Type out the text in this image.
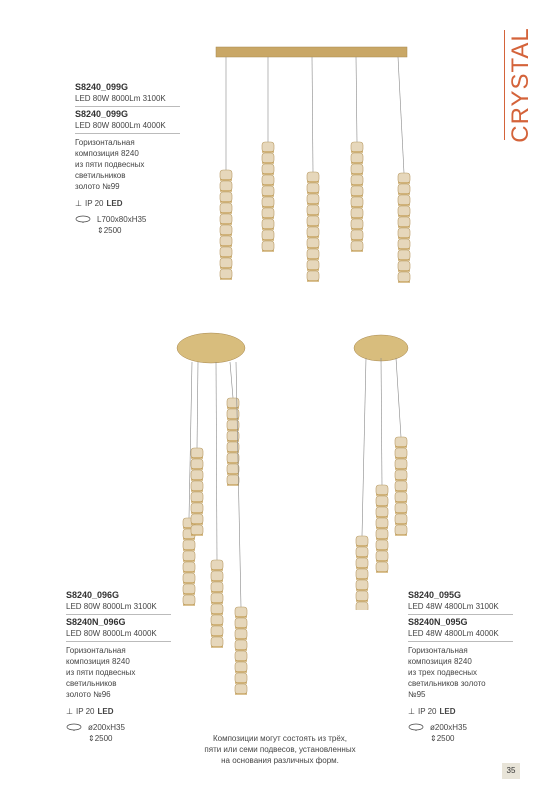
CRYSTAL
S8240_099G
LED 80W 8000Lm 3100K
S8240_099G
LED 80W 8000Lm 4000K
Горизонтальная
композиция 8240
из пяти подвесных
светильников
золото №99
⊥ IP 20 LED
L700x80xH35
⇕2500
S8240_096G
LED 80W 8000Lm 3100K
S8240N_096G
LED 80W 8000Lm 4000K
Горизонтальная
композиция 8240
из пяти подвесных
светильников
золото №96
⊥ IP 20 LED
ø200xH35
⇕2500
S8240_095G
LED 48W 4800Lm 3100K
S8240N_095G
LED 48W 4800Lm 4000K
Горизонтальная
композиция 8240
из трех подвесных
светильников золото
№95
⊥ IP 20 LED
ø200xH35
⇕2500
Композиции могут состоять из трёх,
пяти или семи подвесов, установленных
на основания различных форм.
35
